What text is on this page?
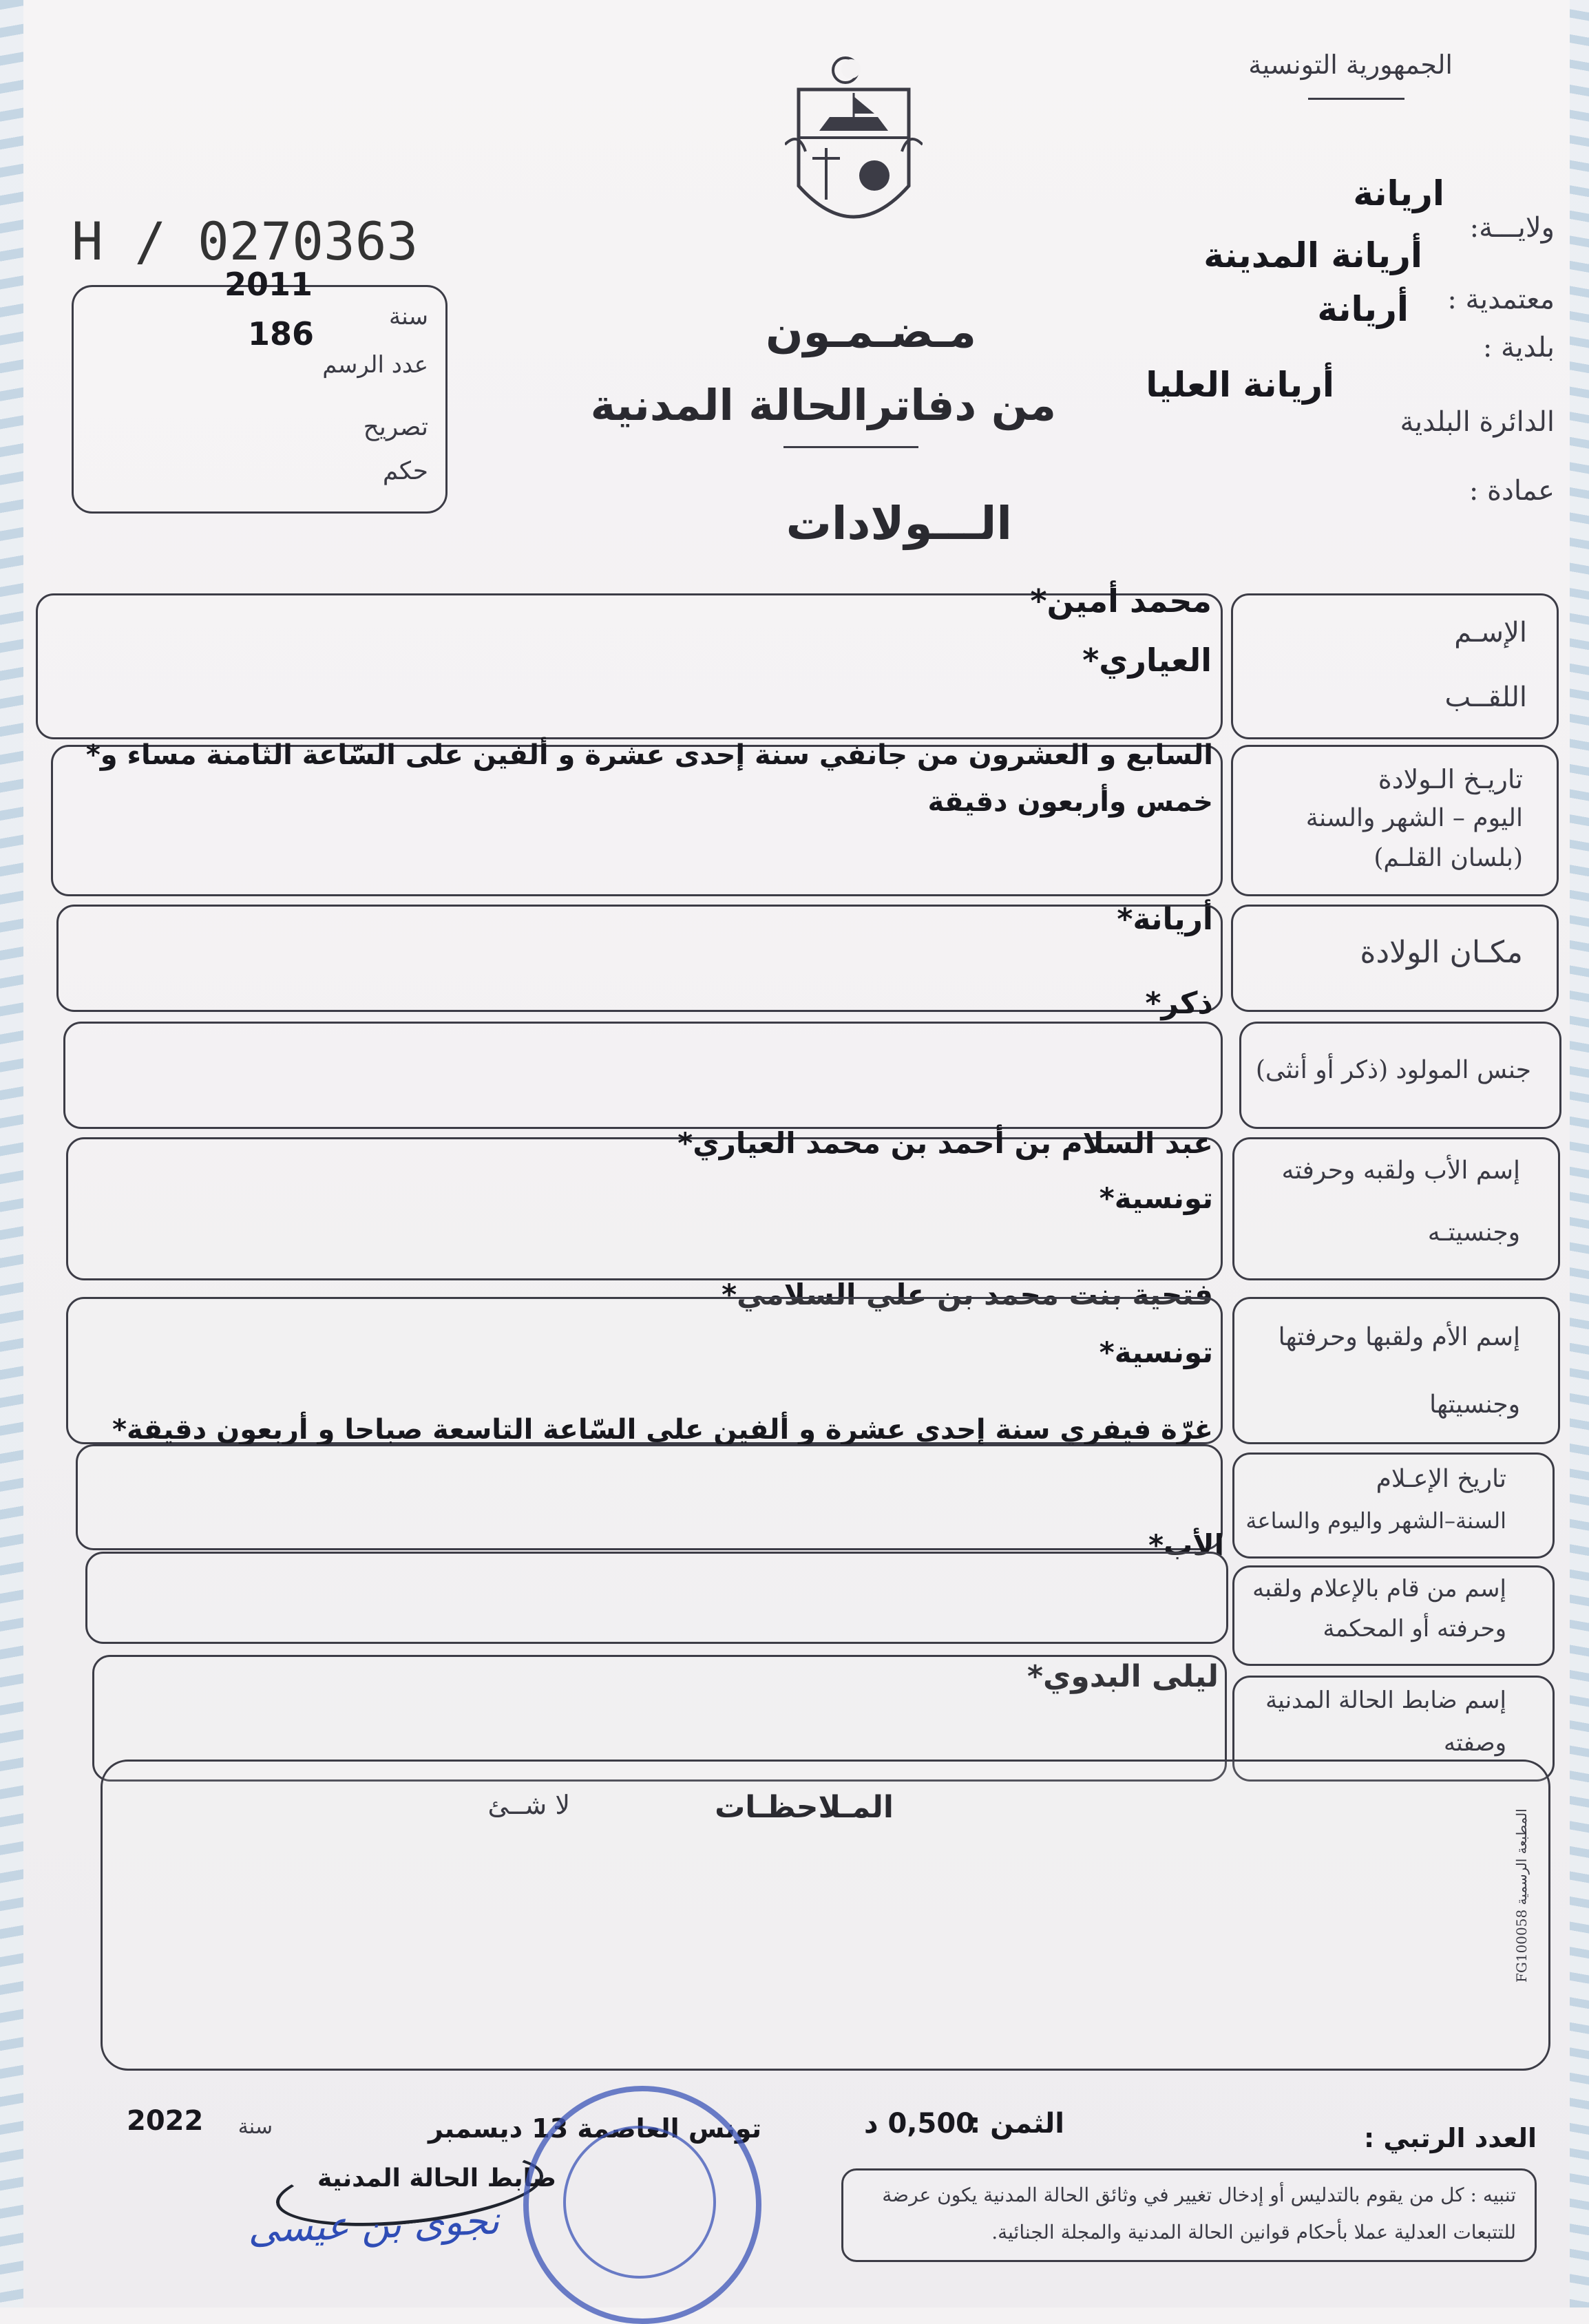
الجمهورية التونسية
ولايـــة:
اريانة
أريانة المدينة
معتمدية :
أريانة
بلدية :
أريانة العليا
الدائرة البلدية
عمادة :
H / 0270363
2011
سنة
186
عدد الرسم
تصريح
حكم
مـضـمـون
من دفاترالحالة المدنية
الـــولادات
الإسـم
اللقــب
محمد أمين*
العياري*
تاريـخ الـولادة
اليوم – الشهر والسنة
(بلسان القلـم)
السابع و العشرون من جانفي سنة إحدى عشرة و ألفين على السّاعة الثامنة مساء و*
خمس وأربعون دقيقة
مكـان الولادة
أريانة*
ذكر*
جنس المولود (ذكر أو أنثى)
إسم الأب ولقبه وحرفته
وجنسيتـه
عبد السلام بن أحمد بن محمد العياري*
تونسية*
فتحية بنت محمد بن علي السلامي*
إسم الأم ولقبها وحرفتها
وجنسيتها
تونسية*
غرّة فيفري سنة إحدى عشرة و ألفين على السّاعة التاسعة صباحا و أربعون دقيقة*
تاريخ الإعـلام
السنة–الشهر واليوم والساعة
الأب*
إسم من قام بالإعلام ولقبه
وحرفته أو المحكمة
ليلى البدوي*
إسم ضابط الحالة المدنية
وصفته
المـلاحظـات
لا شــئ
المطبعة الرسمية FG100058
العدد الرتبي :
الثمن :
0,500 د
تونس العاصمة 13 ديسمبر
سنة
2022
تنبيه : كل من يقوم بالتدليس أو إدخال تغيير في وثائق الحالة المدنية يكون عرضة
للتتبعات العدلية عملا بأحكام قوانين الحالة المدنية والمجلة الجنائية.
ضابط الحالة المدنية
نجوى بن عيسى
